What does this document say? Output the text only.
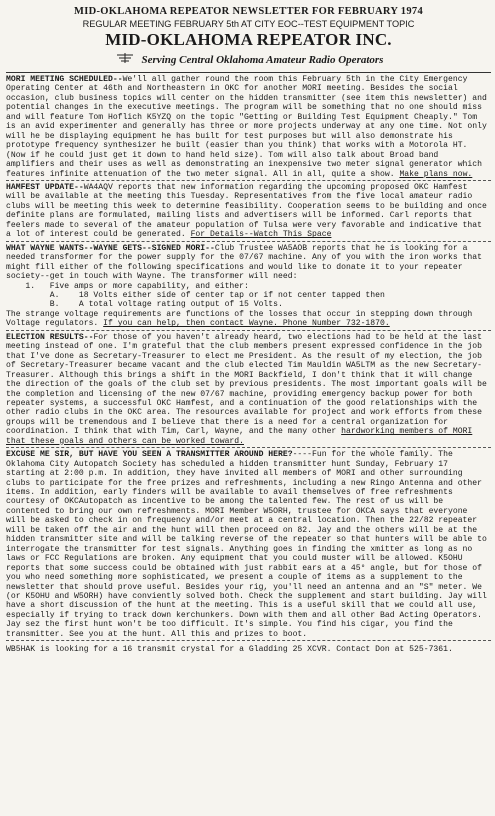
MID-OKLAHOMA REPEATOR NEWSLETTER FOR FEBRUARY 1974
REGULAR MEETING FEBRUARY 5th AT CITY EOC--TEST EQUIPMENT TOPIC
MID-OKLAHOMA REPEATOR INC.
Serving Central Oklahoma Amateur Radio Operators

MORI MEETING SCHEDULED--We'll all gather round the room this February 5th in the City Emergency Operating Center at 46th and Northeastern in OKC for another MORI meeting. Besides the social occasion, club business topics will center on the hidden transmitter (see item this newsletter) and potential changes in the executive meetings. The program will be something that no one should miss and will feature Tom Hoflich K5YZQ on the topic "Getting or Building Test Equipment Cheaply." Tom is an avid experimenter and generally has three or more projects underway at any one time. Not only will he be displaying equipment he has built for test purposes but will also demonstrate his prototype frequency synthesizer he built (easier than you think) that works with a Motorola HT. (Now if he could just get it down to hand held size). Tom will also talk about Broad band amplifiers and their uses as well as demonstrating an inexpensive two meter signal generator which features infinite attenuation of the two meter signal. All in all, quite a show. Make plans now.

HAMFEST UPDATE--WA4AQV reports that new information regarding the upcoming proposed OKC Hamfest will be available at the meeting this Tuesday. Representatives from the five local amateur radio clubs will be meeting this week to determine feasibility. Cooperation seems to be building and once definite plans are formulated, mailing lists and advertisers will be informed. Carl reports that feelers made to several of the amateur population of Tulsa were very favorable and indicative that a lot of interest could be generated. For Details--Watch This Space

WHAT WAYNE WANTS--WAYNE GETS--SIGNED MORI--Club Trustee WA5AOB reports that he is looking for a needed transformer for the power supply for the 07/67 machine. Any of you with the iron works that might fill either of the following specifications and would like to donate it to your repeater society--get in touch with Wayne. The transformer will need:

1.   Five amps or more capability, and either:
A.    18 Volts either side of center tap or if not center tapped then
B.    A total voltage rating output of 15 Volts.

The strange voltage requirements are functions of the losses that occur in stepping down through Voltage regulators. If you can help, then contact Wayne. Phone Number 732-1870.

ELECTION RESULTS--For those of you haven't already heard, two elections had to be held at the last meeting instead of one. I'm grateful that the club members present expressed confidence in the job that I've done as Secretary-Treasurer to elect me President. As the result of my election, the job of Secretary-Treasurer became vacant and the club elected Tim Mauldin WA5LTM as the new Secretary-Treasurer. Although this brings a shift in the MORI Backfield, I don't think that it will change the direction of the goals of the club set by previous presidents. The most important goals will be the completion and licensing of the new 07/67 machine, providing emergency backup power for both repeater systems, a successful OKC Hamfest, and a continuation of the good relationships with the other radio clubs in the OKC area. The resources available for project and work efforts from these groups will be tremendous and I believe that there is a need for a central organization for coordination. I think that with Tim, Carl, Wayne, and the many other hardworking members of MORI that these goals and others can be worked toward.

EXCUSE ME SIR, BUT HAVE YOU SEEN A TRANSMITTER AROUND HERE?----Fun for the whole family. The Oklahoma City Autopatch Society has scheduled a hidden transmitter hunt Sunday, February 17 starting at 2:00 p.m. In addition, they have invited all members of MORI and other surrounding clubs to participate for the free prizes and refreshments, including a new Ringo Antenna and other items. In addition, early finders will be available to avail themselves of free refreshments courtesy of OKCAutopatch as incentive to be among the talented few. The rest of us will be contented to bring our own refreshments. MORI Member W5ORH, trustee for OKCA says that everyone will be asked to check in on frequency and/or meet at a central location. Then the 22/82 repeater will be taken off the air and the hunt will then proceed on 82. Jay and the others will be at the hidden transmitter site and will be talking reverse of the repeater so that hunters will be able to interrogate the transmitter for test signals. Anything goes in finding the xmitter as long as no laws or FCC Regulations are broken. Any equipment that you could muster will be allowed. K5OHU reports that some success could be obtained with just rabbit ears at a 45° angle, but for those of you who need something more sophisticated, we present a couple of items as a supplement to the newsletter that should prove useful. Besides your rig, you'll need an antenna and an "S" meter. We (or K5OHU and W5ORH) have conviently solved both. Check the supplement and start building. Jay will have a short discussion of the hunt at the meeting. This is a useful skill that we could all use, especially if trying to track down kerchunkers. Down with them and all other Bad Acting Operators. Jay sez the first hunt won't be too difficult. It's simple. You find his cigar, you find the transmitter. See you at the hunt. All this and prizes to boot.

WB5HAK is looking for a 16 transmit crystal for a Gladding 25 XCVR. Contact Don at 525-7361.
